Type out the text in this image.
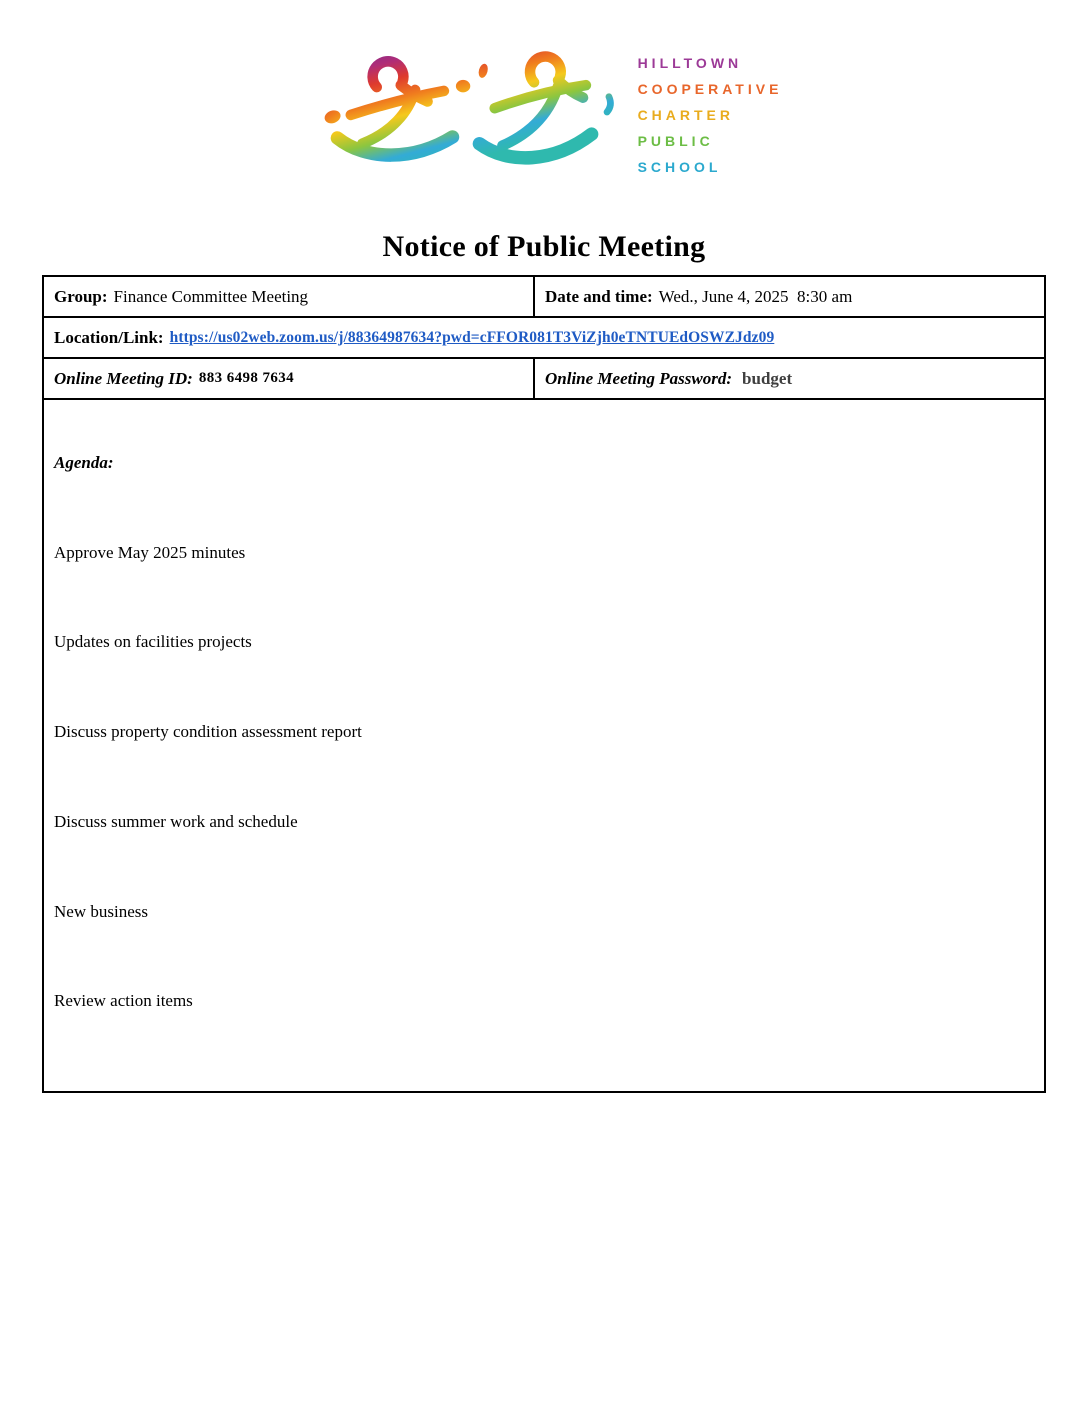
HILLTOWN
COOPERATIVE
CHARTER
PUBLIC
SCHOOL
Notice of Public Meeting
Group: Finance Committee Meeting	Date and time: Wed., June 4, 2025  8:30 am
Location/Link: https://us02web.zoom.us/j/88364987634?pwd=cFFOR081T3ViZjh0eTNTUEdOSWZJdz09
Online Meeting ID: 883 6498 7634	Online Meeting Password: budget

Agenda:

Approve May 2025 minutes

Updates on facilities projects

Discuss property condition assessment report

Discuss summer work and schedule

New business

Review action items
